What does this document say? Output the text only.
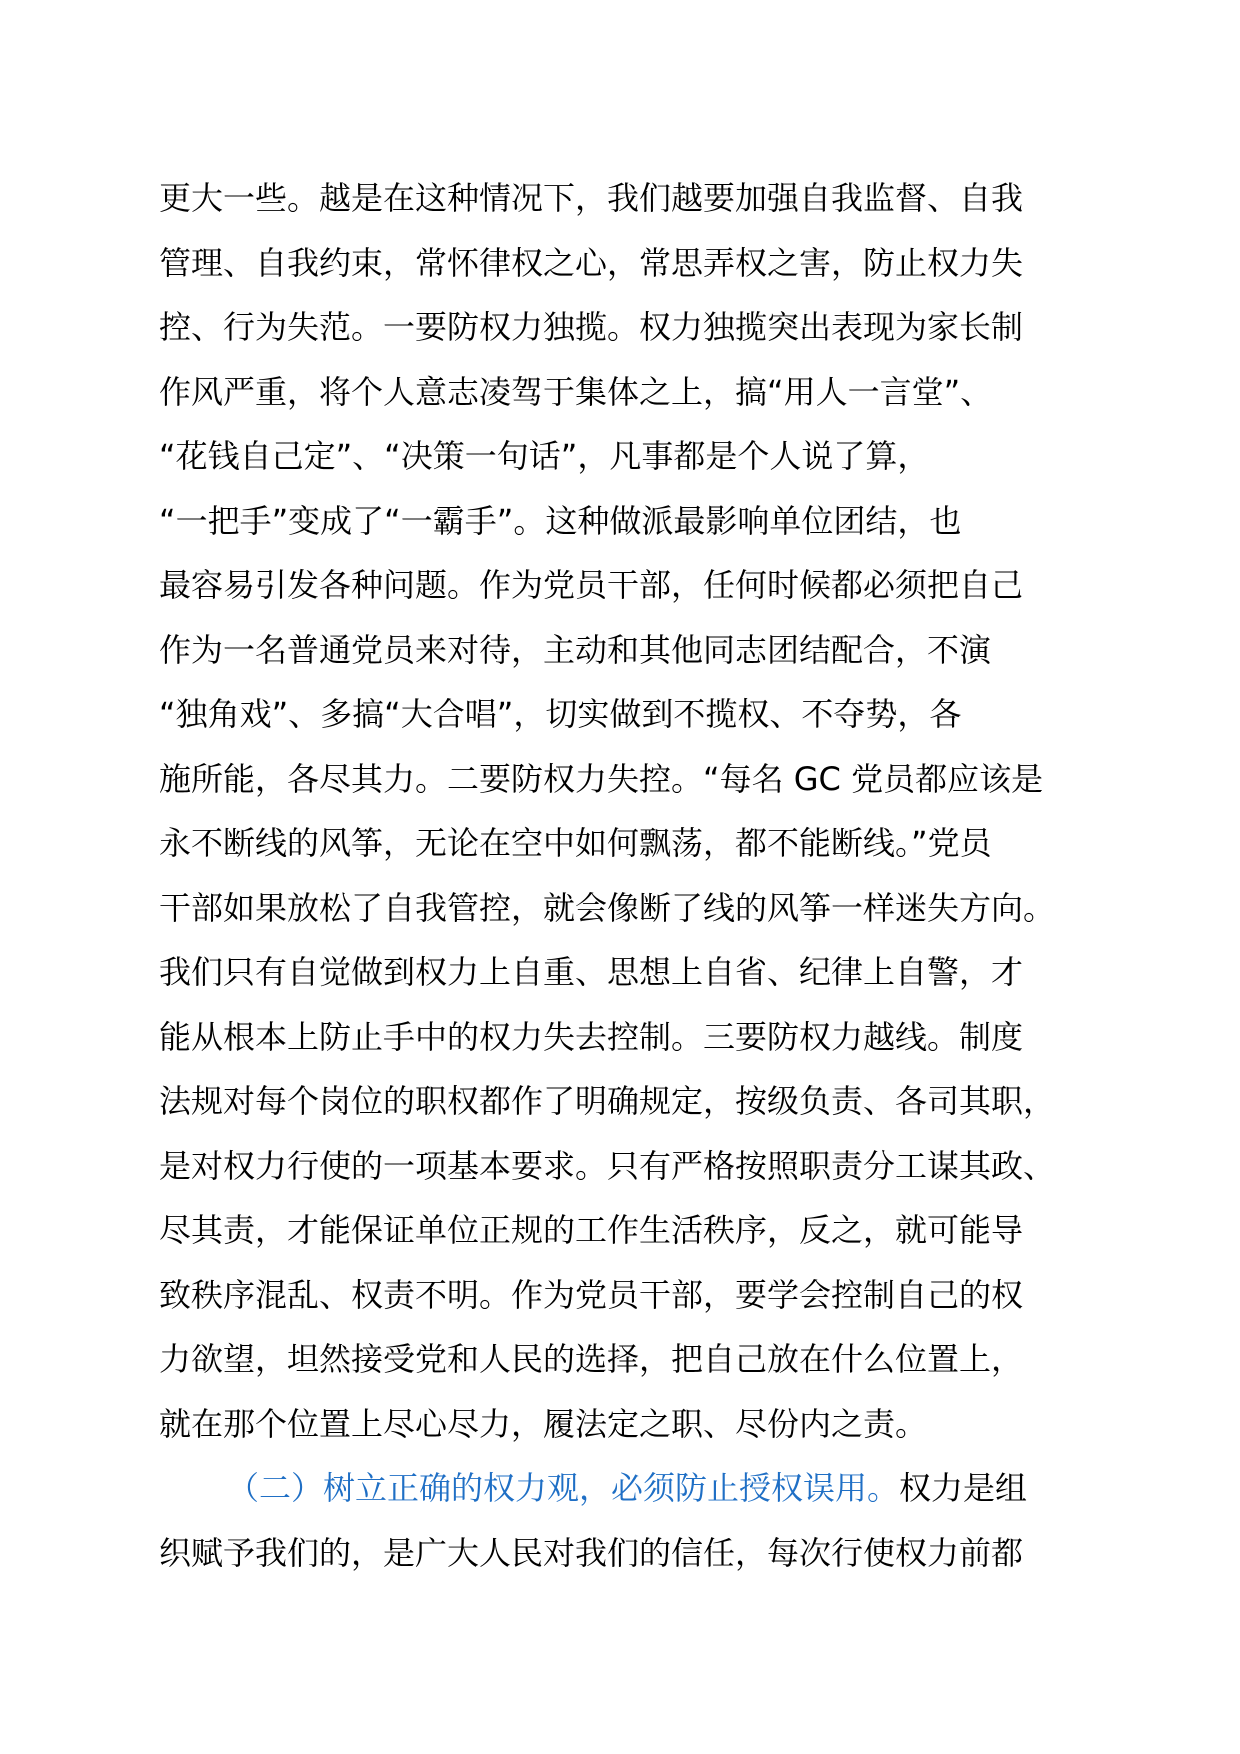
更大一些。越是在这种情况下，我们越要加强自我监督、自我
管理、自我约束，常怀律权之心，常思弄权之害，防止权力失
控、行为失范。一要防权力独揽。权力独揽突出表现为家长制
作风严重，将个人意志凌驾于集体之上，搞“用人一言堂”、
“花钱自己定”、“决策一句话”，凡事都是个人说了算，
“一把手”变成了“一霸手”。这种做派最影响单位团结，也
最容易引发各种问题。作为党员干部，任何时候都必须把自己
作为一名普通党员来对待，主动和其他同志团结配合，不演
“独角戏”、多搞“大合唱”，切实做到不揽权、不夺势，各
施所能，各尽其力。二要防权力失控。“每名 GC 党员都应该是
永不断线的风筝，无论在空中如何飘荡，都不能断线。”党员
干部如果放松了自我管控，就会像断了线的风筝一样迷失方向。
我们只有自觉做到权力上自重、思想上自省、纪律上自警，才
能从根本上防止手中的权力失去控制。三要防权力越线。制度
法规对每个岗位的职权都作了明确规定，按级负责、各司其职，
是对权力行使的一项基本要求。只有严格按照职责分工谋其政、
尽其责，才能保证单位正规的工作生活秩序，反之，就可能导
致秩序混乱、权责不明。作为党员干部，要学会控制自己的权
力欲望，坦然接受党和人民的选择，把自己放在什么位置上，
就在那个位置上尽心尽力，履法定之职、尽份内之责。
（二）树立正确的权力观，必须防止授权误用。权力是组
织赋予我们的，是广大人民对我们的信任，每次行使权力前都
